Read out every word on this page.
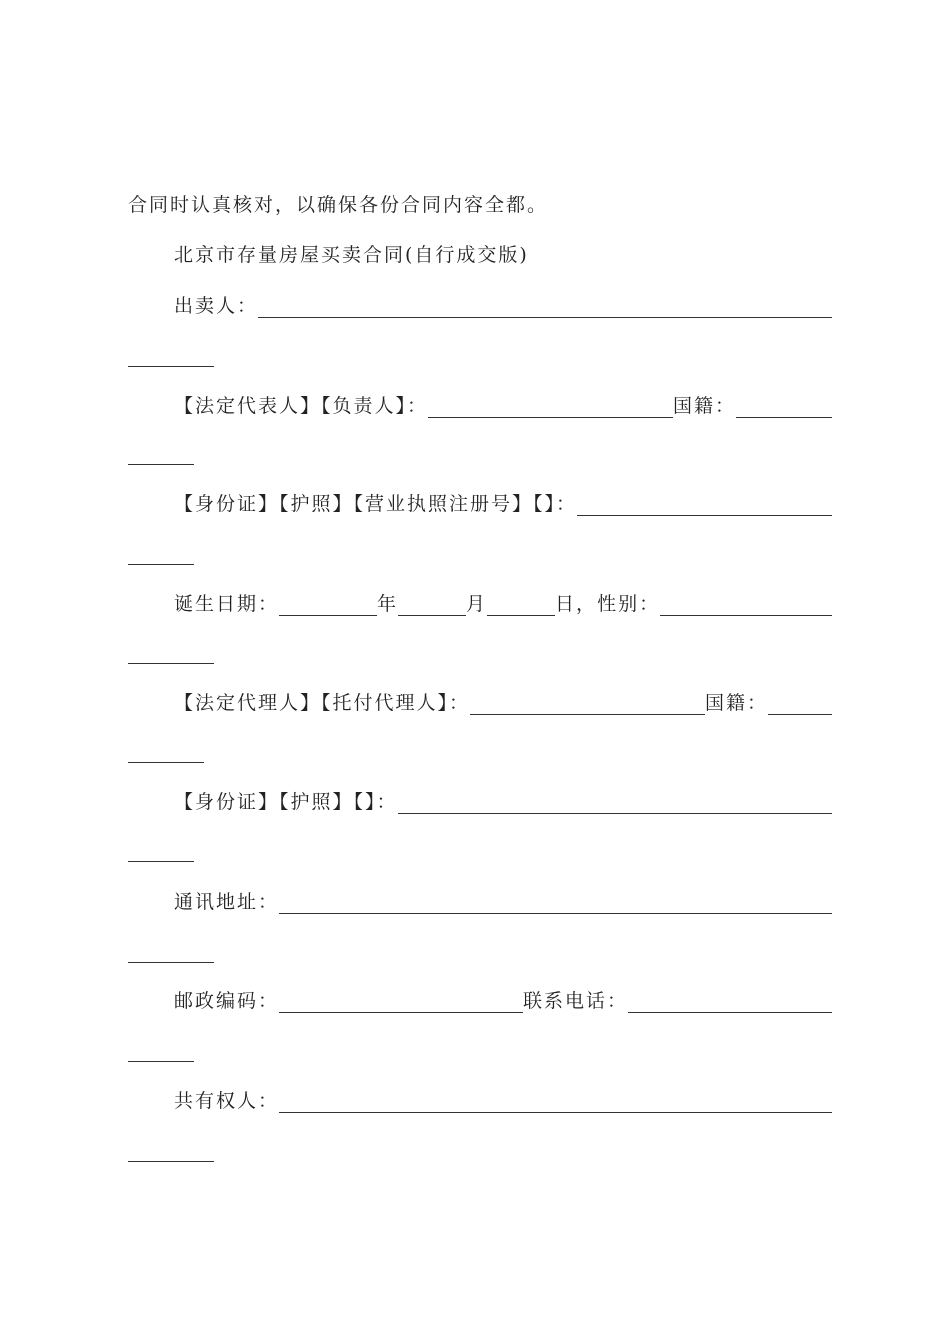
合同时认真核对，以确保各份合同内容全都。
北京市存量房屋买卖合同(自行成交版)
出卖人：
【法定代表人】【负责人】：	国籍：
【身份证】【护照】【营业执照注册号】【】：
诞生日期：	年	月	日， 性别：
【法定代理人】【托付代理人】：	国籍：
【身份证】【护照】【】：
通讯地址：
邮政编码：	联系电话：
共有权人：
